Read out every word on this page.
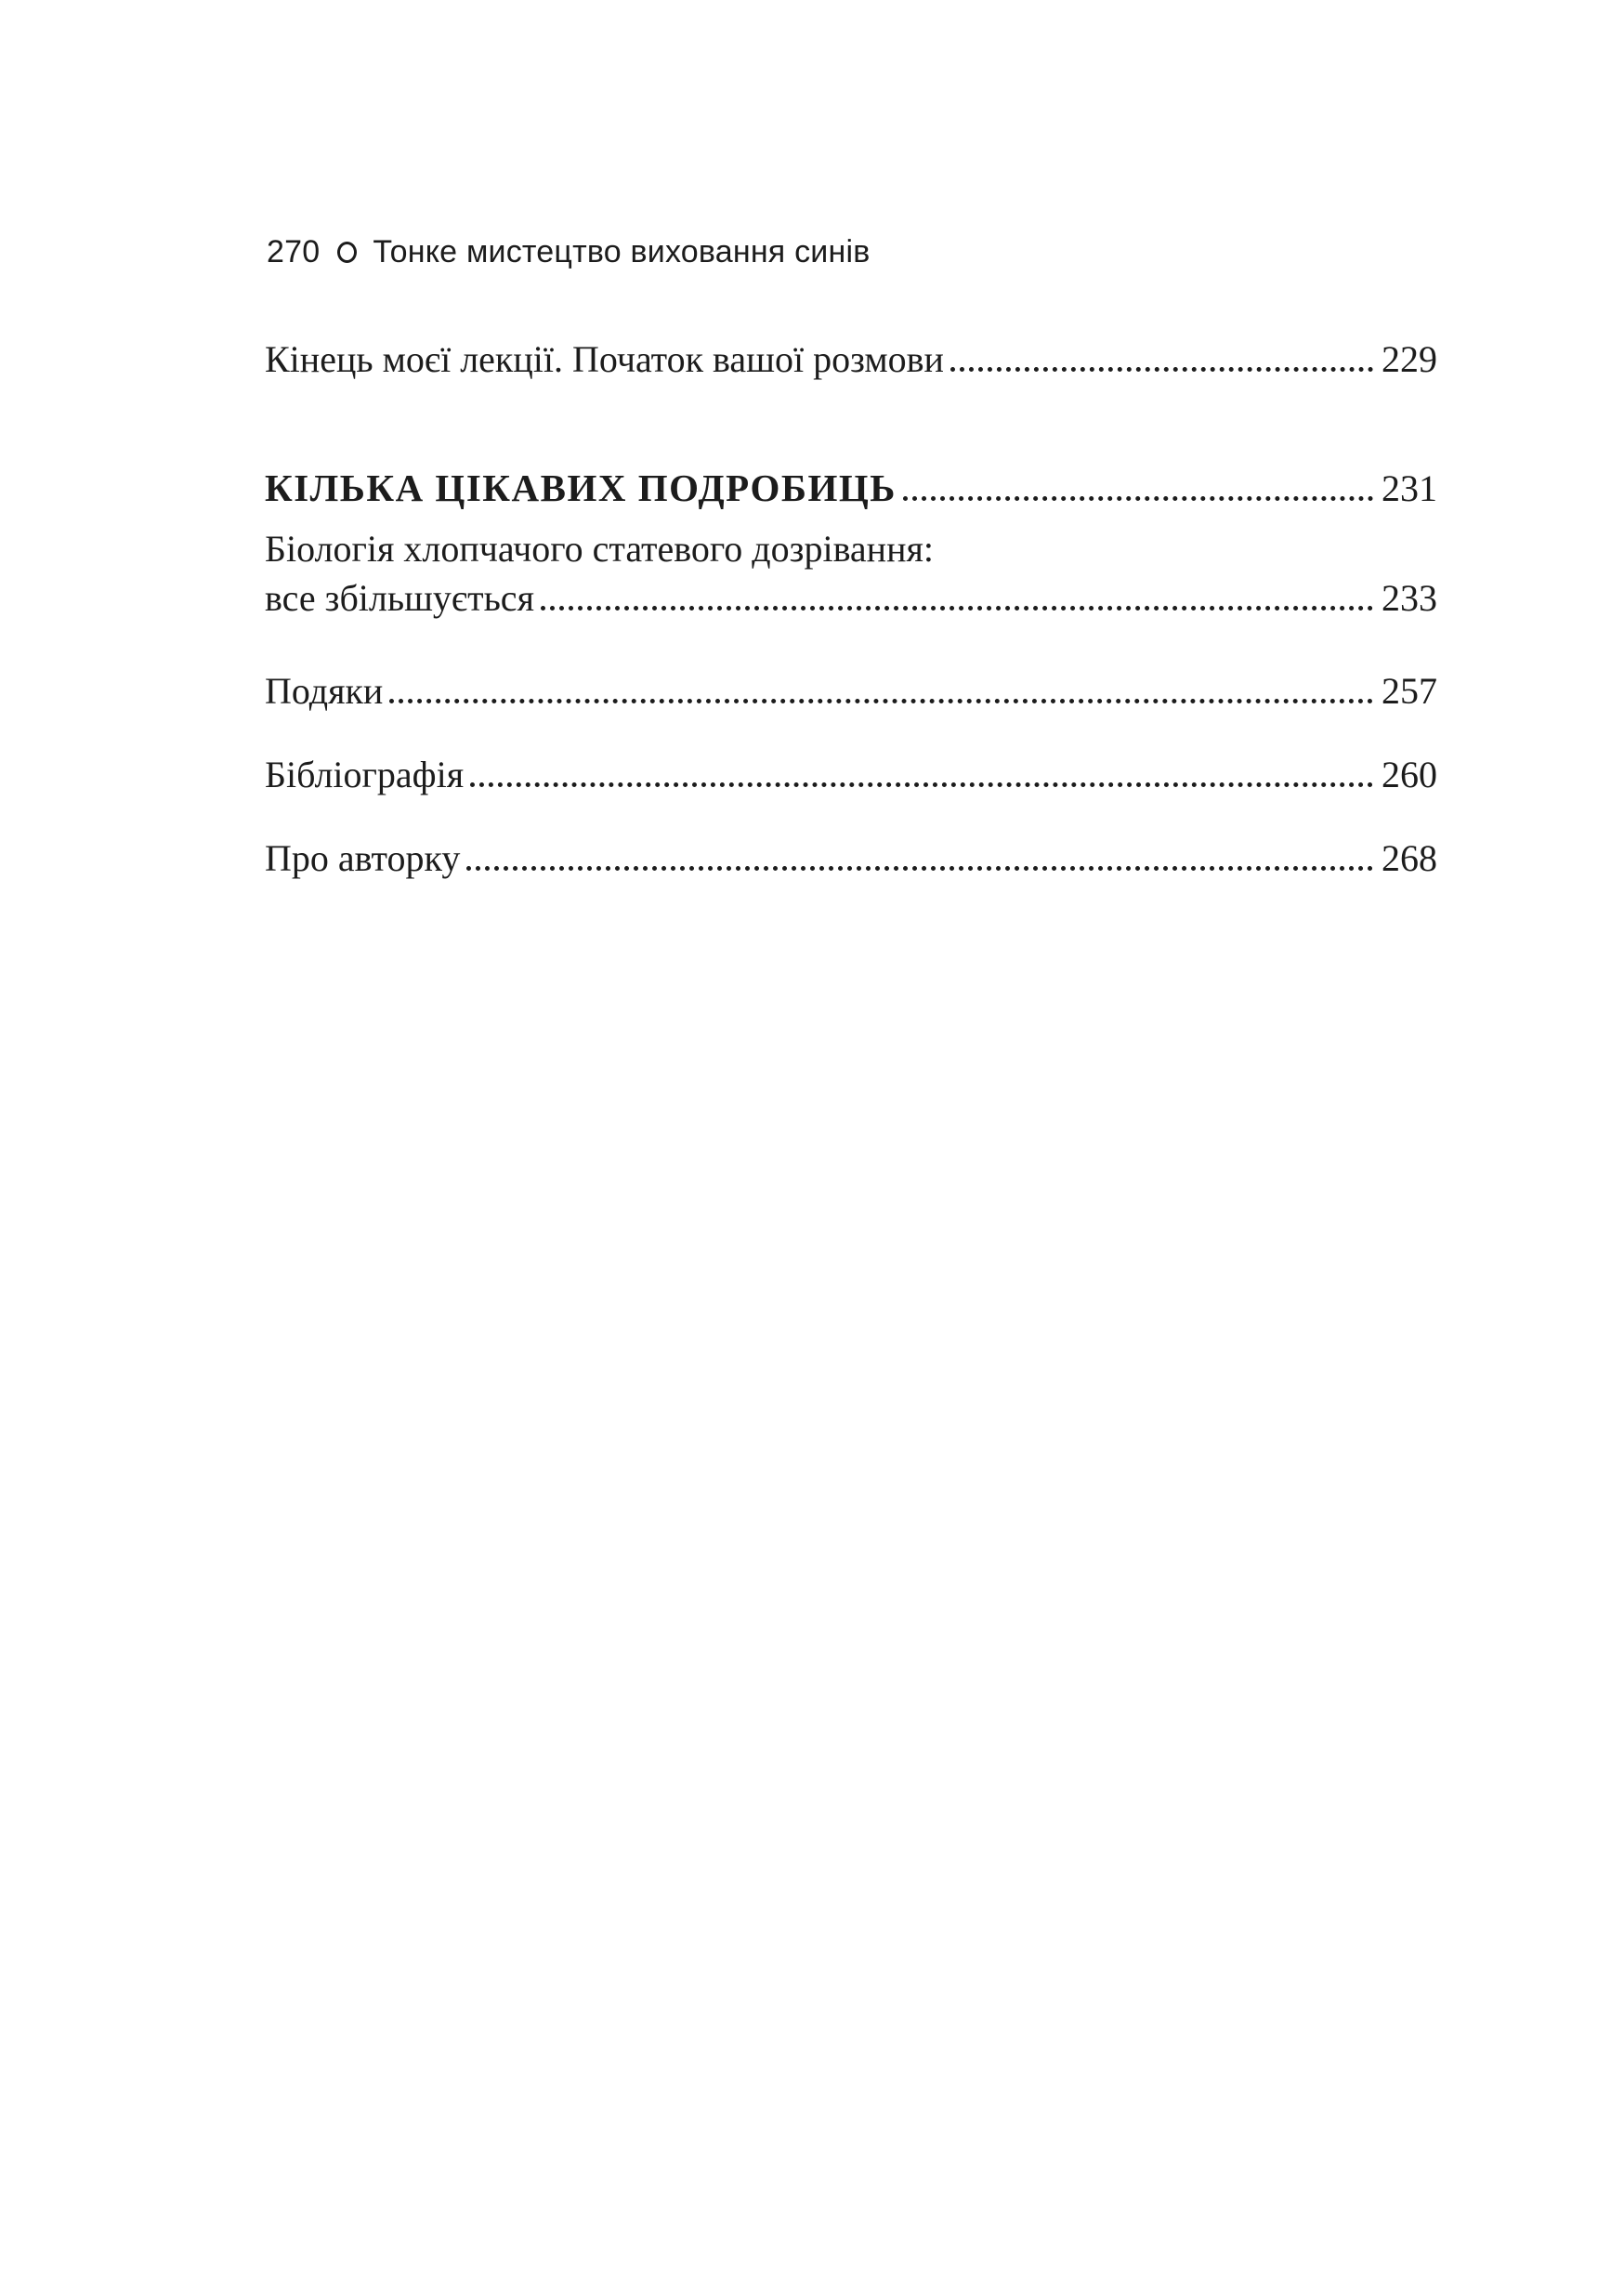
270 Тонке мистецтво виховання синів
Кінець моєї лекції. Початок вашої розмови	229
КІЛЬКА ЦІКАВИХ ПОДРОБИЦЬ	231
Біологія хлопчачого статевого дозрівання:
все збільшується	233
Подяки	257
Бібліографія	260
Про авторку	268
